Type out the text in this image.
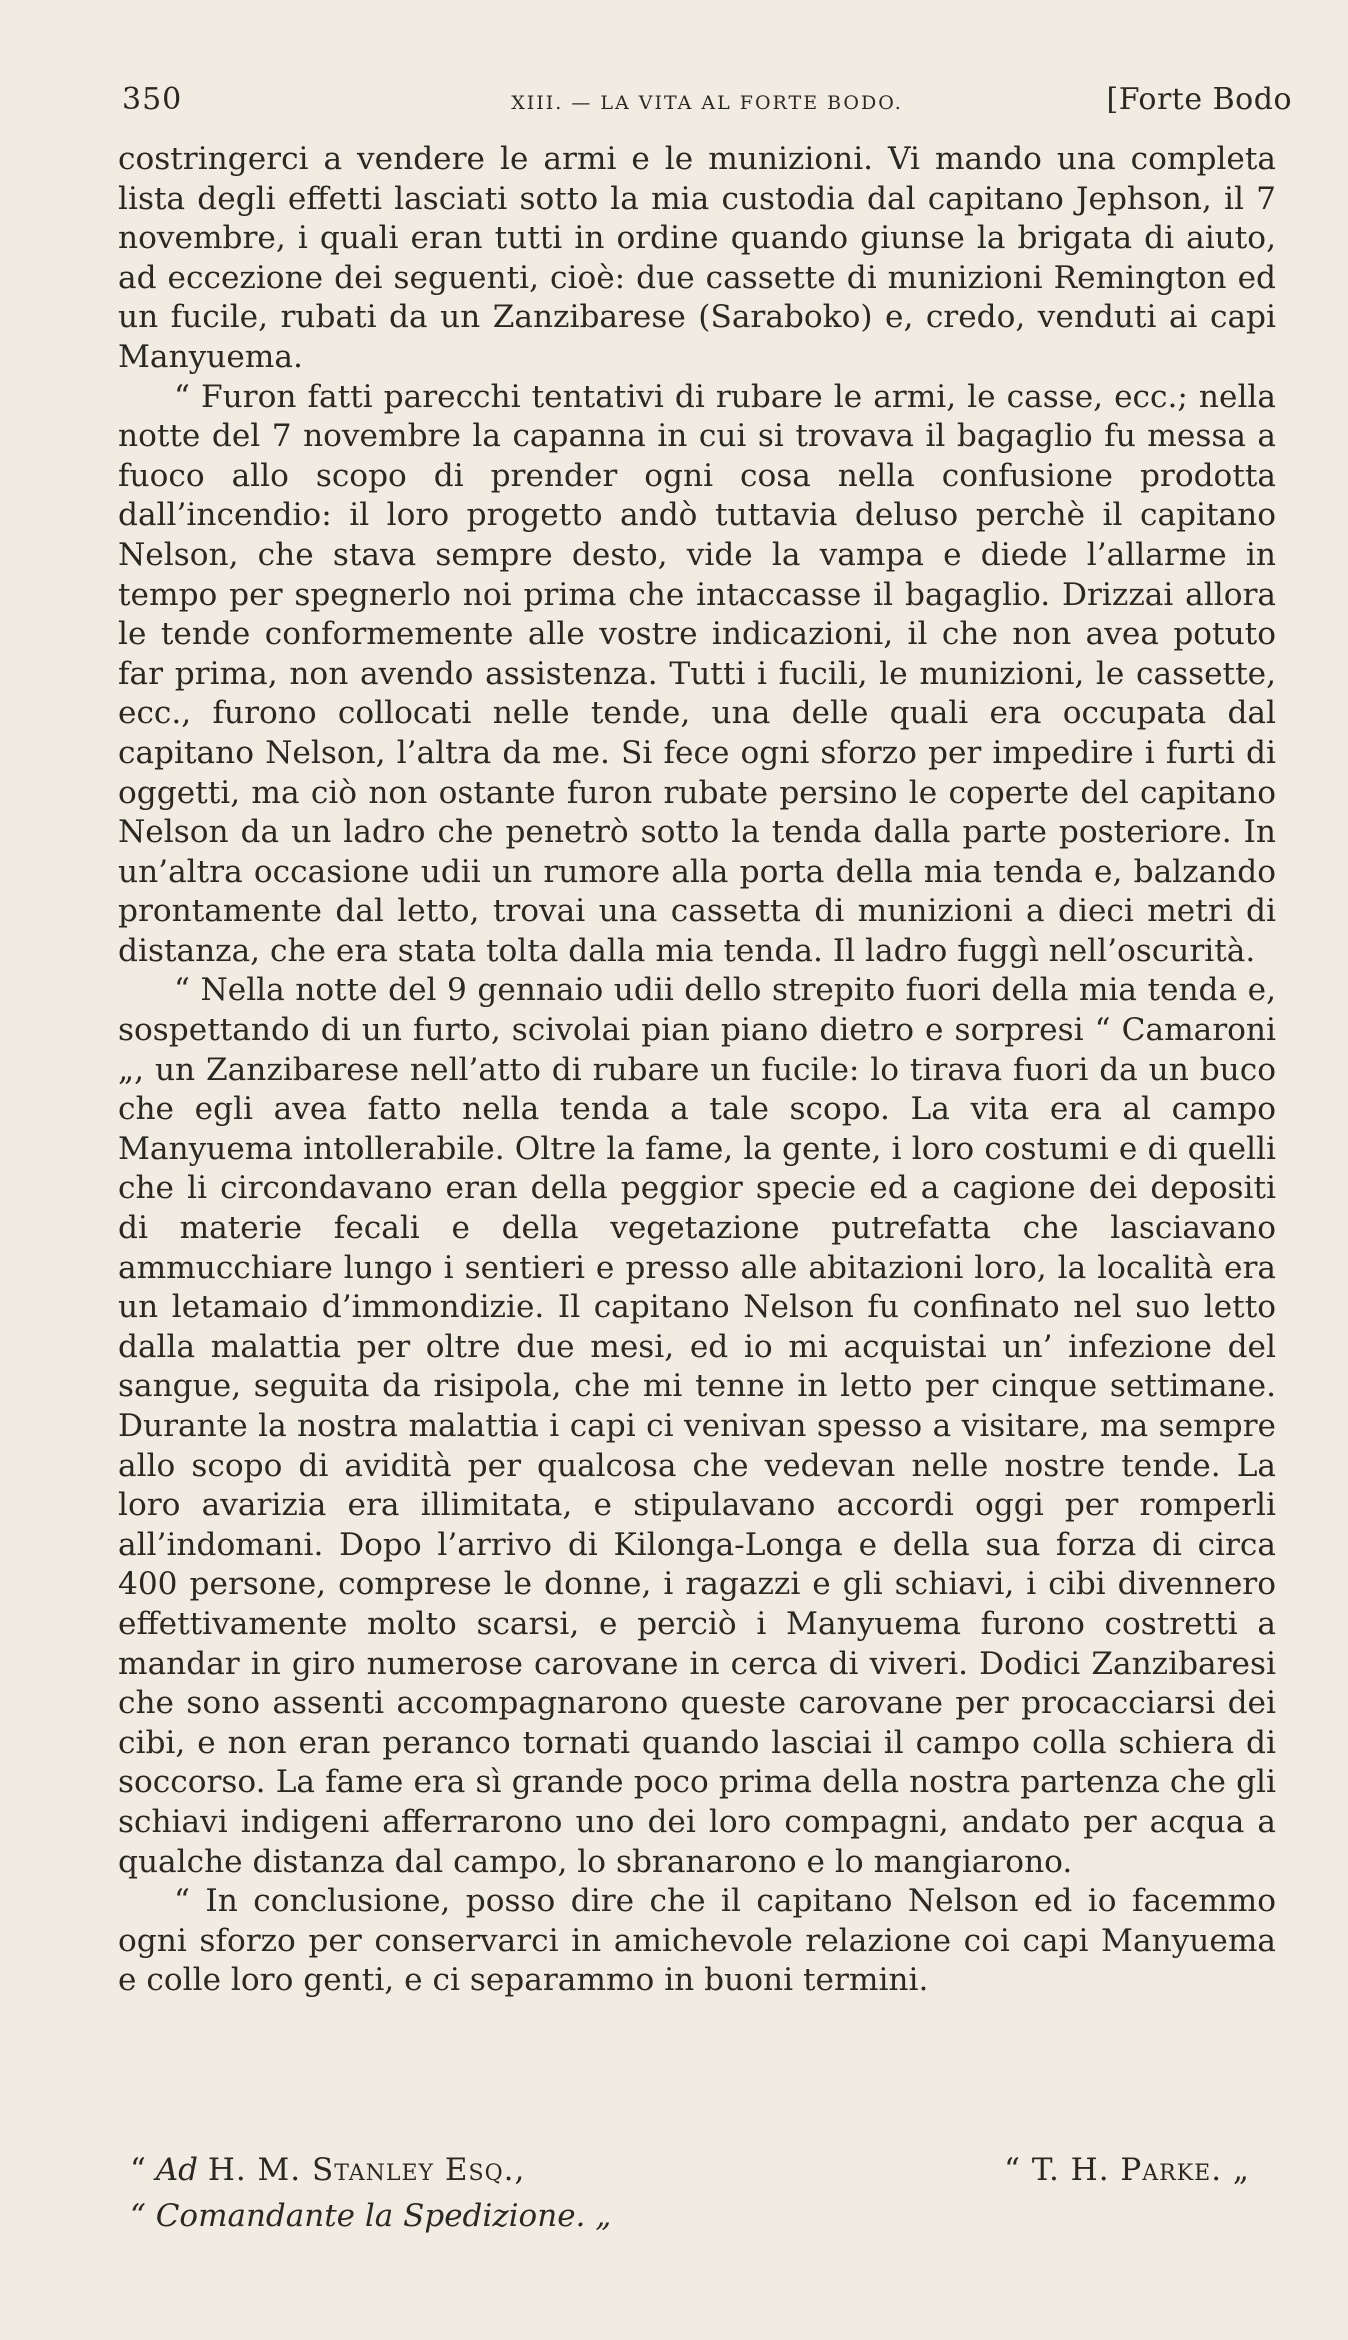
350	XIII. — LA VITA AL FORTE BODO.	[Forte Bodo

costringerci a vendere le armi e le munizioni. Vi mando una completa lista degli effetti lasciati sotto la mia custodia dal capitano Jephson, il 7 novembre, i quali eran tutti in ordine quando giunse la brigata di aiuto, ad eccezione dei seguenti, cioè: due cassette di munizioni Remington ed un fucile, rubati da un Zanzibarese (Saraboko) e, credo, venduti ai capi Manyuema.

“ Furon fatti parecchi tentativi di rubare le armi, le casse, ecc.; nella notte del 7 novembre la capanna in cui si trovava il bagaglio fu messa a fuoco allo scopo di prender ogni cosa nella confusione prodotta dall’incendio: il loro progetto andò tuttavia deluso perchè il capitano Nelson, che stava sempre desto, vide la vampa e diede l’allarme in tempo per spegnerlo noi prima che intaccasse il bagaglio. Drizzai allora le tende conformemente alle vostre indicazioni, il che non avea potuto far prima, non avendo assistenza. Tutti i fucili, le munizioni, le cassette, ecc., furono collocati nelle tende, una delle quali era occupata dal capitano Nelson, l’altra da me. Si fece ogni sforzo per impedire i furti di oggetti, ma ciò non ostante furon rubate persino le coperte del capitano Nelson da un ladro che penetrò sotto la tenda dalla parte posteriore. In un’altra occasione udii un rumore alla porta della mia tenda e, balzando prontamente dal letto, trovai una cassetta di munizioni a dieci metri di distanza, che era stata tolta dalla mia tenda. Il ladro fuggì nell’oscurità.

“ Nella notte del 9 gennaio udii dello strepito fuori della mia tenda e, sospettando di un furto, scivolai pian piano dietro e sorpresi “ Camaroni „, un Zanzibarese nell’atto di rubare un fucile: lo tirava fuori da un buco che egli avea fatto nella tenda a tale scopo. La vita era al campo Manyuema intollerabile. Oltre la fame, la gente, i loro costumi e di quelli che li circondavano eran della peggior specie ed a cagione dei depositi di materie fecali e della vegetazione putrefatta che lasciavano ammucchiare lungo i sentieri e presso alle abitazioni loro, la località era un letamaio d’immondizie. Il capitano Nelson fu confinato nel suo letto dalla malattia per oltre due mesi, ed io mi acquistai un’ infezione del sangue, seguita da risipola, che mi tenne in letto per cinque settimane. Durante la nostra malattia i capi ci venivan spesso a visitare, ma sempre allo scopo di avidità per qualcosa che vedevan nelle nostre tende. La loro avarizia era illimitata, e stipulavano accordi oggi per romperli all’indomani. Dopo l’arrivo di Kilonga-Longa e della sua forza di circa 400 persone, comprese le donne, i ragazzi e gli schiavi, i cibi divennero effettivamente molto scarsi, e perciò i Manyuema furono costretti a mandar in giro numerose carovane in cerca di viveri. Dodici Zanzibaresi che sono assenti accompagnarono queste carovane per procacciarsi dei cibi, e non eran peranco tornati quando lasciai il campo colla schiera di soccorso. La fame era sì grande poco prima della nostra partenza che gli schiavi indigeni afferrarono uno dei loro compagni, andato per acqua a qualche distanza dal campo, lo sbranarono e lo mangiarono.

“ In conclusione, posso dire che il capitano Nelson ed io facemmo ogni sforzo per conservarci in amichevole relazione coi capi Manyuema e colle loro genti, e ci separammo in buoni termini.

“ Ad H. M. Stanley Esq.,	“ T. H. Parke. „
“ Comandante la Spedizione. „
